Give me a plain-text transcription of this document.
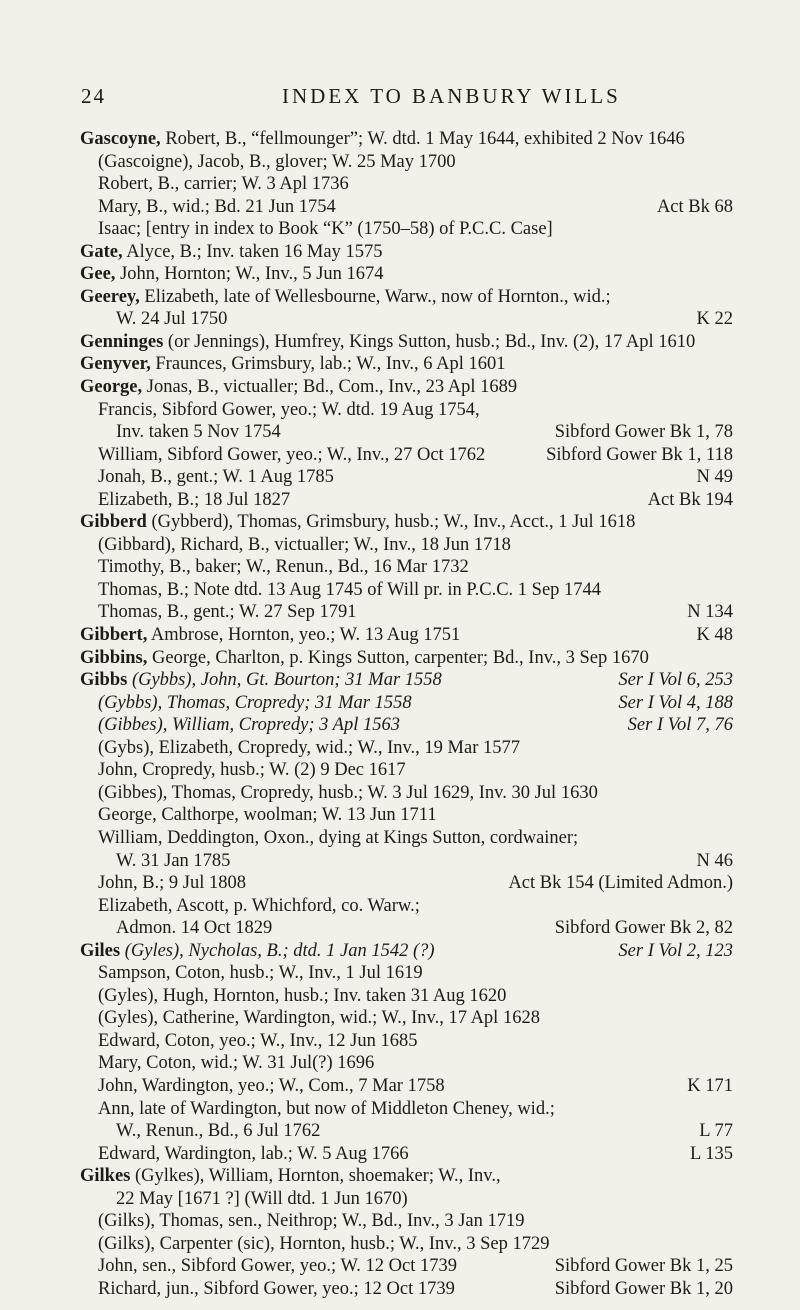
24	INDEX TO BANBURY WILLS
Gascoyne, Robert, B., “fellmounger”; W. dtd. 1 May 1644, exhibited 2 Nov 1646
(Gascoigne), Jacob, B., glover; W. 25 May 1700
Robert, B., carrier; W. 3 Apl 1736
Mary, B., wid.; Bd. 21 Jun 1754	Act Bk 68
Isaac; [entry in index to Book “K” (1750–58) of P.C.C. Case]
Gate, Alyce, B.; Inv. taken 16 May 1575
Gee, John, Hornton; W., Inv., 5 Jun 1674
Geerey, Elizabeth, late of Wellesbourne, Warw., now of Hornton., wid.;
W. 24 Jul 1750	K 22
Genninges (or Jennings), Humfrey, Kings Sutton, husb.; Bd., Inv. (2), 17 Apl 1610
Genyver, Fraunces, Grimsbury, lab.; W., Inv., 6 Apl 1601
George, Jonas, B., victualler; Bd., Com., Inv., 23 Apl 1689
Francis, Sibford Gower, yeo.; W. dtd. 19 Aug 1754,
Inv. taken 5 Nov 1754	Sibford Gower Bk 1, 78
William, Sibford Gower, yeo.; W., Inv., 27 Oct 1762	Sibford Gower Bk 1, 118
Jonah, B., gent.; W. 1 Aug 1785	N 49
Elizabeth, B.; 18 Jul 1827	Act Bk 194
Gibberd (Gybberd), Thomas, Grimsbury, husb.; W., Inv., Acct., 1 Jul 1618
(Gibbard), Richard, B., victualler; W., Inv., 18 Jun 1718
Timothy, B., baker; W., Renun., Bd., 16 Mar 1732
Thomas, B.; Note dtd. 13 Aug 1745 of Will pr. in P.C.C. 1 Sep 1744
Thomas, B., gent.; W. 27 Sep 1791	N 134
Gibbert, Ambrose, Hornton, yeo.; W. 13 Aug 1751	K 48
Gibbins, George, Charlton, p. Kings Sutton, carpenter; Bd., Inv., 3 Sep 1670
Gibbs (Gybbs), John, Gt. Bourton; 31 Mar 1558	Ser I Vol 6, 253
(Gybbs), Thomas, Cropredy; 31 Mar 1558	Ser I Vol 4, 188
(Gibbes), William, Cropredy; 3 Apl 1563	Ser I Vol 7, 76
(Gybs), Elizabeth, Cropredy, wid.; W., Inv., 19 Mar 1577
John, Cropredy, husb.; W. (2) 9 Dec 1617
(Gibbes), Thomas, Cropredy, husb.; W. 3 Jul 1629, Inv. 30 Jul 1630
George, Calthorpe, woolman; W. 13 Jun 1711
William, Deddington, Oxon., dying at Kings Sutton, cordwainer;
W. 31 Jan 1785	N 46
John, B.; 9 Jul 1808	Act Bk 154 (Limited Admon.)
Elizabeth, Ascott, p. Whichford, co. Warw.;
Admon. 14 Oct 1829	Sibford Gower Bk 2, 82
Giles (Gyles), Nycholas, B.; dtd. 1 Jan 1542 (?)	Ser I Vol 2, 123
Sampson, Coton, husb.; W., Inv., 1 Jul 1619
(Gyles), Hugh, Hornton, husb.; Inv. taken 31 Aug 1620
(Gyles), Catherine, Wardington, wid.; W., Inv., 17 Apl 1628
Edward, Coton, yeo.; W., Inv., 12 Jun 1685
Mary, Coton, wid.; W. 31 Jul(?) 1696
John, Wardington, yeo.; W., Com., 7 Mar 1758	K 171
Ann, late of Wardington, but now of Middleton Cheney, wid.;
W., Renun., Bd., 6 Jul 1762	L 77
Edward, Wardington, lab.; W. 5 Aug 1766	L 135
Gilkes (Gylkes), William, Hornton, shoemaker; W., Inv.,
22 May [1671 ?] (Will dtd. 1 Jun 1670)
(Gilks), Thomas, sen., Neithrop; W., Bd., Inv., 3 Jan 1719
(Gilks), Carpenter (sic), Hornton, husb.; W., Inv., 3 Sep 1729
John, sen., Sibford Gower, yeo.; W. 12 Oct 1739	Sibford Gower Bk 1, 25
Richard, jun., Sibford Gower, yeo.; 12 Oct 1739	Sibford Gower Bk 1, 20
